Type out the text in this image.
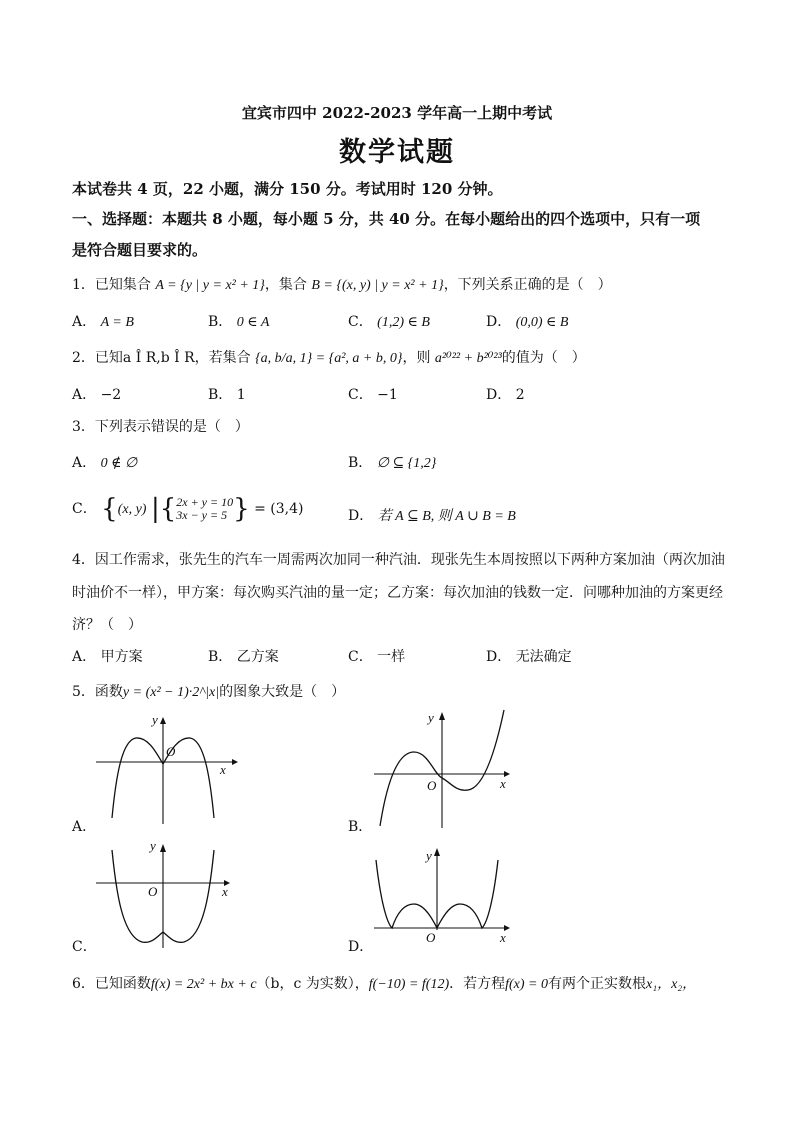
宜宾市四中 2022-2023 学年高一上期中考试
数学试题
本试卷共 4 页，22 小题，满分 150 分。考试用时 120 分钟。
一、选择题：本题共 8 小题，每小题 5 分，共 40 分。在每小题给出的四个选项中，只有一项
是符合题目要求的。
1．已知集合 A = {y | y = x² + 1}，集合 B = {(x, y) | y = x² + 1}，下列关系正确的是（　）
A． A = B	B． 0 ∈ A	C． (1,2) ∈ B	D． (0,0) ∈ B
2．已知a Î R,b Î R，若集合 {a, b/a, 1} = {a², a + b, 0}，则 a²⁰²² + b²⁰²³的值为（　）
A． −2	B． 1	C． −1	D． 2
3．下列表示错误的是（　）
A． 0 ∉ ∅	B． ∅ ⊆ {1,2}
C． {(x, y) |{2x + y = 10
3x − y = 5 } = (3,4)	D． 若 A ⊆ B, 则 A ∪ B = B
4．因工作需求，张先生的汽车一周需两次加同一种汽油．现张先生本周按照以下两种方案加油（两次加油
时油价不一样），甲方案：每次购买汽油的量一定；乙方案：每次加油的钱数一定．问哪种加油的方案更经
济？（　）
A． 甲方案	B． 乙方案	C． 一样	D． 无法确定
5．函数y = (x² − 1)·2^|x|的图象大致是（　）
y
O
x
A．
y
O	x
B．
y
O	x
C．
y
O	x
D．
6．已知函数f(x) = 2x² + bx + c（b，c 为实数），f(−10) = f(12)．若方程f(x) = 0有两个正实数根x₁，x₂，
